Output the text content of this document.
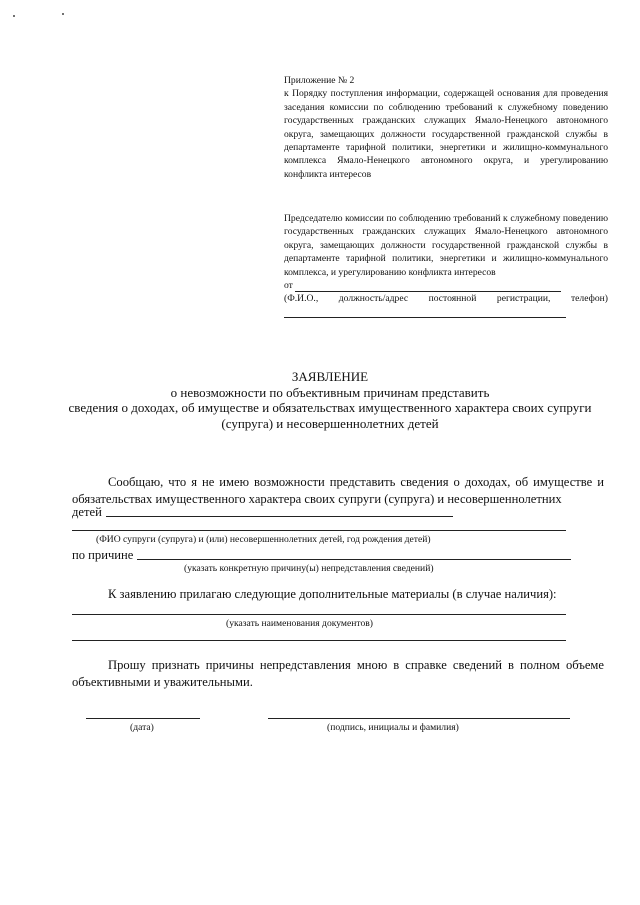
Приложение № 2
к Порядку поступления информации, содержащей основания для проведения заседания комиссии по соблюдению требований к служебному поведению государственных гражданских служащих Ямало-Ненецкого автономного округа, замещающих должности государственной гражданской службы в департаменте тарифной политики, энергетики и жилищно-коммунального комплекса Ямало-Ненецкого автономного округа, и урегулированию конфликта интересов
Председателю комиссии по соблюдению требований к служебному поведению государственных гражданских служащих Ямало-Ненецкого автономного округа, замещающих должности государственной гражданской службы в департаменте тарифной политики, энергетики и жилищно-коммунального комплекса, и урегулированию конфликта интересов
от
(Ф.И.О., должность/адрес постоянной регистрации, телефон)
ЗАЯВЛЕНИЕ
о невозможности по объективным причинам представить
сведения о доходах, об имуществе и обязательствах имущественного характера своих супруги
(супруга) и несовершеннолетних детей
Сообщаю, что я не имею возможности представить сведения о доходах, об имуществе и обязательствах имущественного характера своих супруги (супруга) и несовершеннолетних
детей
(ФИО супруги (супруга) и (или) несовершеннолетних детей, год рождения детей)
по причине
(указать конкретную причину(ы) непредставления сведений)
К заявлению прилагаю следующие дополнительные материалы (в случае наличия):
(указать наименования документов)
Прошу признать причины непредставления мною в справке сведений в полном объеме объективными и уважительными.
(дата)	(подпись, инициалы и фамилия)
